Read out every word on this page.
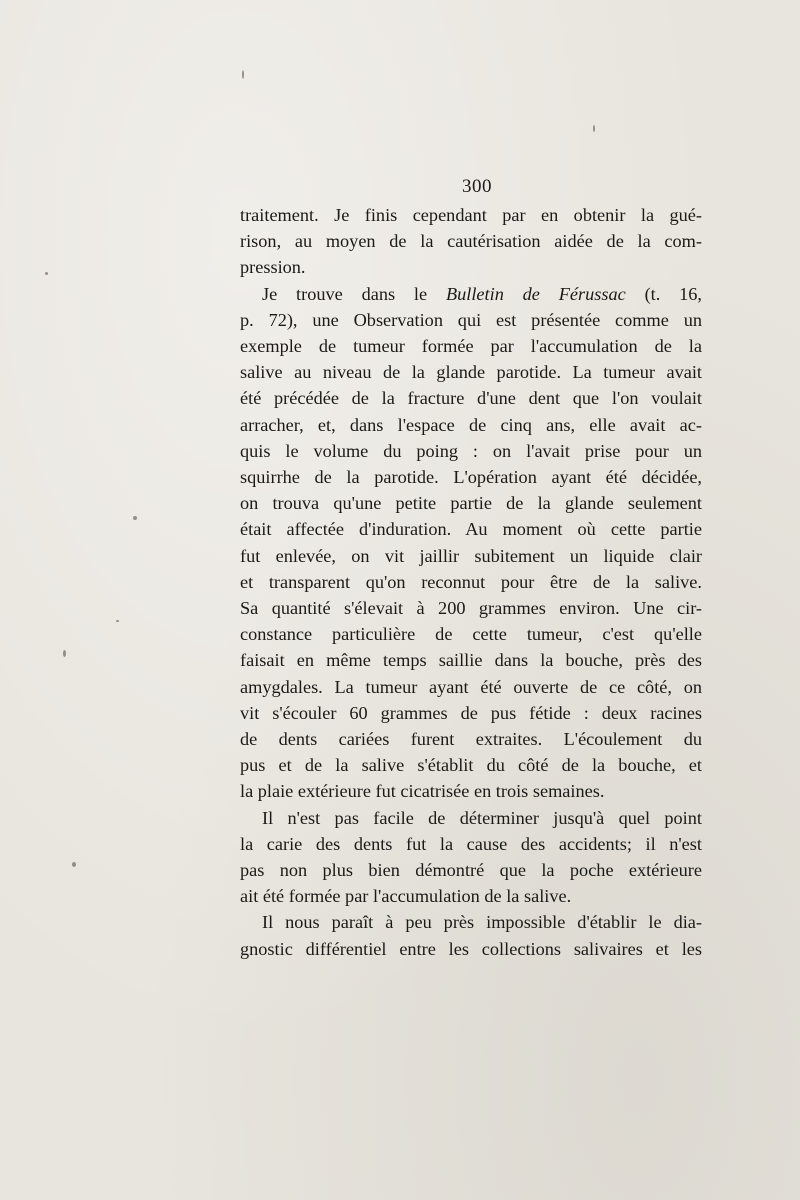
300
traitement. Je finis cependant par en obtenir la gué-
rison, au moyen de la cautérisation aidée de la com-
pression.
Je trouve dans le Bulletin de Férussac (t. 16,
p. 72), une Observation qui est présentée comme un
exemple de tumeur formée par l'accumulation de la
salive au niveau de la glande parotide. La tumeur avait
été précédée de la fracture d'une dent que l'on voulait
arracher, et, dans l'espace de cinq ans, elle avait ac-
quis le volume du poing : on l'avait prise pour un
squirrhe de la parotide. L'opération ayant été décidée,
on trouva qu'une petite partie de la glande seulement
était affectée d'induration. Au moment où cette partie
fut enlevée, on vit jaillir subitement un liquide clair
et transparent qu'on reconnut pour être de la salive.
Sa quantité s'élevait à 200 grammes environ. Une cir-
constance particulière de cette tumeur, c'est qu'elle
faisait en même temps saillie dans la bouche, près des
amygdales. La tumeur ayant été ouverte de ce côté, on
vit s'écouler 60 grammes de pus fétide : deux racines
de dents cariées furent extraites. L'écoulement du
pus et de la salive s'établit du côté de la bouche, et
la plaie extérieure fut cicatrisée en trois semaines.
Il n'est pas facile de déterminer jusqu'à quel point
la carie des dents fut la cause des accidents; il n'est
pas non plus bien démontré que la poche extérieure
ait été formée par l'accumulation de la salive.
Il nous paraît à peu près impossible d'établir le dia-
gnostic différentiel entre les collections salivaires et les
